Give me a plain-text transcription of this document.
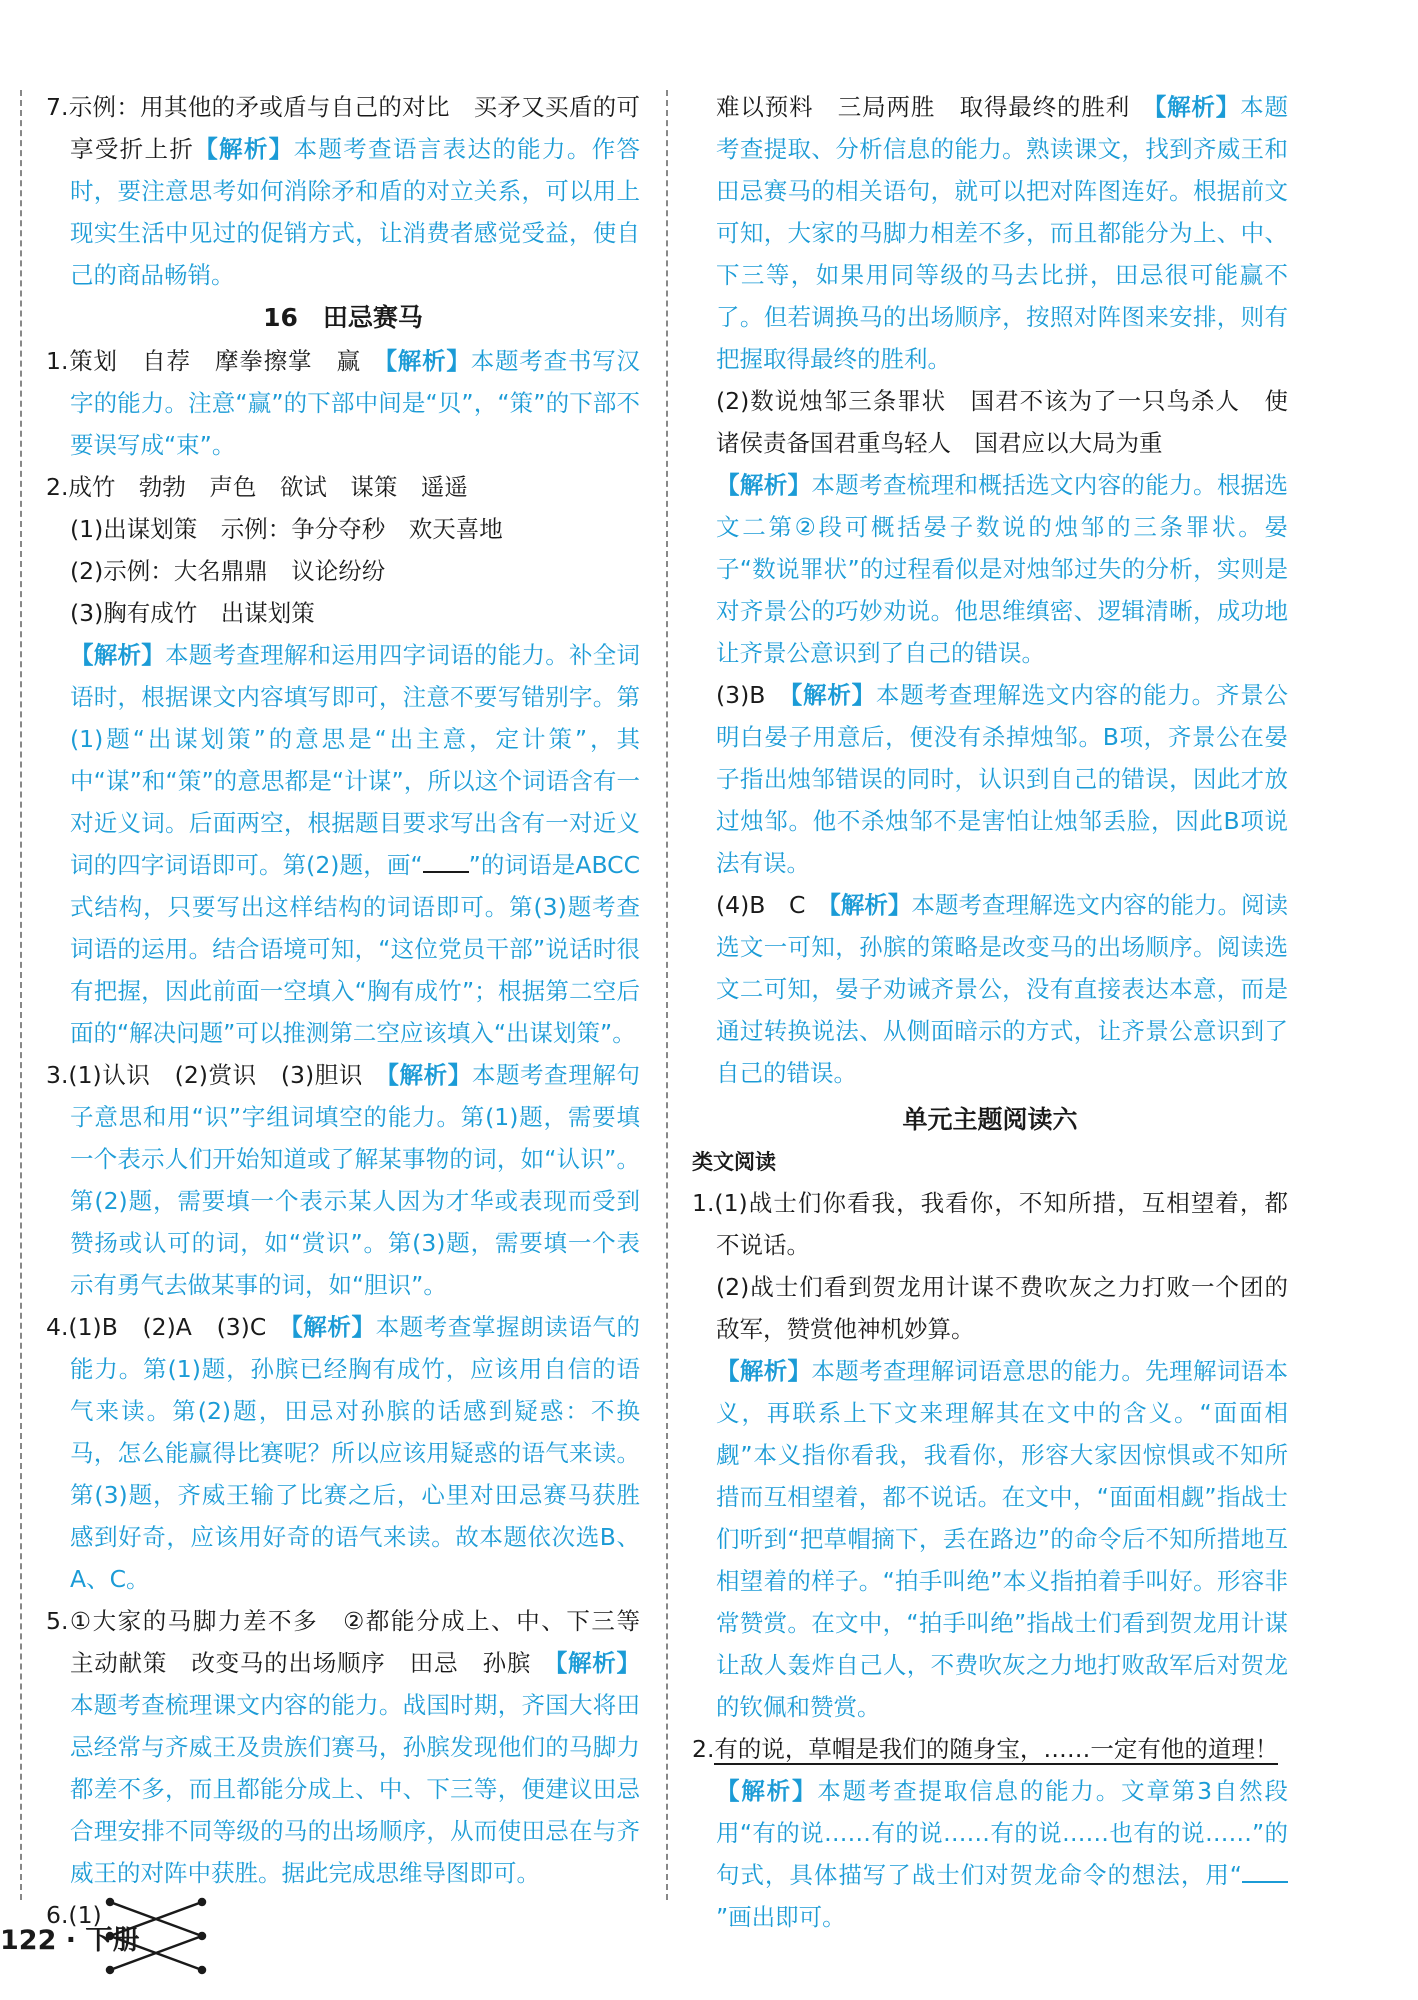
7.示例：用其他的矛或盾与自己的对比　买矛又买盾的可享受折上折【解析】本题考查语言表达的能力。作答时，要注意思考如何消除矛和盾的对立关系，可以用上现实生活中见过的促销方式，让消费者感觉受益，使自己的商品畅销。

16　田忌赛马

1.策划　自荐　摩拳擦掌　赢　 【解析】本题考查书写汉字的能力。注意“赢”的下部中间是“贝”，“策”的下部不要误写成“束”。

2.成竹　勃勃　声色　欲试　谋策　遥遥

(1)出谋划策　示例：争分夺秒　欢天喜地

(2)示例：大名鼎鼎　议论纷纷

(3)胸有成竹　出谋划策

【解析】本题考查理解和运用四字词语的能力。补全词语时，根据课文内容填写即可，注意不要写错别字。第(1)题“出谋划策”的意思是“出主意，定计策”，其中“谋”和“策”的意思都是“计谋”，所以这个词语含有一对近义词。后面两空，根据题目要求写出含有一对近义词的四字词语即可。第(2)题，画“ ”的词语是ABCC式结构，只要写出这样结构的词语即可。第(3)题考查词语的运用。结合语境可知，“这位党员干部”说话时很有把握，因此前面一空填入“胸有成竹”；根据第二空后面的“解决问题”可以推测第二空应该填入“出谋划策”。

3.(1)认识　(2)赏识　(3)胆识　 【解析】本题考查理解句子意思和用“识”字组词填空的能力。第(1)题，需要填一个表示人们开始知道或了解某事物的词，如“认识”。第(2)题，需要填一个表示某人因为才华或表现而受到赞扬或认可的词，如“赏识”。第(3)题，需要填一个表示有勇气去做某事的词，如“胆识”。

4.(1)B　(2)A　(3)C　 【解析】本题考查掌握朗读语气的能力。第(1)题，孙膑已经胸有成竹，应该用自信的语气来读。第(2)题，田忌对孙膑的话感到疑惑：不换马，怎么能赢得比赛呢？所以应该用疑惑的语气来读。第(3)题，齐威王输了比赛之后，心里对田忌赛马获胜感到好奇，应该用好奇的语气来读。故本题依次选B、A、C。

5.①大家的马脚力差不多　②都能分成上、中、下三等　主动献策　改变马的出场顺序　田忌　孙膑　 【解析】本题考查梳理课文内容的能力。战国时期，齐国大将田忌经常与齐威王及贵族们赛马，孙膑发现他们的马脚力都差不多，而且都能分成上、中、下三等，便建议田忌合理安排不同等级的马的出场顺序，从而使田忌在与齐威王的对阵中获胜。据此完成思维导图即可。

6.(1)

难以预料　三局两胜　取得最终的胜利　 【解析】本题考查提取、分析信息的能力。熟读课文，找到齐威王和田忌赛马的相关语句，就可以把对阵图连好。根据前文可知，大家的马脚力相差不多，而且都能分为上、中、下三等，如果用同等级的马去比拼，田忌很可能赢不了。但若调换马的出场顺序，按照对阵图来安排，则有把握取得最终的胜利。

(2)数说烛邹三条罪状　国君不该为了一只鸟杀人　使诸侯责备国君重鸟轻人　国君应以大局为重
【解析】本题考查梳理和概括选文内容的能力。根据选文二第②段可概括晏子数说的烛邹的三条罪状。晏子“数说罪状”的过程看似是对烛邹过失的分析，实则是对齐景公的巧妙劝说。他思维缜密、逻辑清晰，成功地让齐景公意识到了自己的错误。

(3)B　 【解析】本题考查理解选文内容的能力。齐景公明白晏子用意后，便没有杀掉烛邹。B项，齐景公在晏子指出烛邹错误的同时，认识到自己的错误，因此才放过烛邹。他不杀烛邹不是害怕让烛邹丢脸，因此B项说法有误。

(4)B　C　 【解析】本题考查理解选文内容的能力。阅读选文一可知，孙膑的策略是改变马的出场顺序。阅读选文二可知，晏子劝诫齐景公，没有直接表达本意，而是通过转换说法、从侧面暗示的方式，让齐景公意识到了自己的错误。

单元主题阅读六

类文阅读

1.(1)战士们你看我，我看你，不知所措，互相望着，都不说话。

(2)战士们看到贺龙用计谋不费吹灰之力打败一个团的敌军，赞赏他神机妙算。

【解析】本题考查理解词语意思的能力。先理解词语本义，再联系上下文来理解其在文中的含义。“面面相觑”本义指你看我，我看你，形容大家因惊惧或不知所措而互相望着，都不说话。在文中，“面面相觑”指战士们听到“把草帽摘下，丢在路边”的命令后不知所措地互相望着的样子。“拍手叫绝”本义指拍着手叫好。形容非常赞赏。在文中，“拍手叫绝”指战士们看到贺龙用计谋让敌人轰炸自己人，不费吹灰之力地打败敌军后对贺龙的钦佩和赞赏。

2.有的说，草帽是我们的随身宝，……一定有他的道理！

【解析】本题考查提取信息的能力。文章第3自然段用“有的说……有的说……有的说……也有的说……”的句式，具体描写了战士们对贺龙命令的想法，用“”画出即可。

122 · 下册
